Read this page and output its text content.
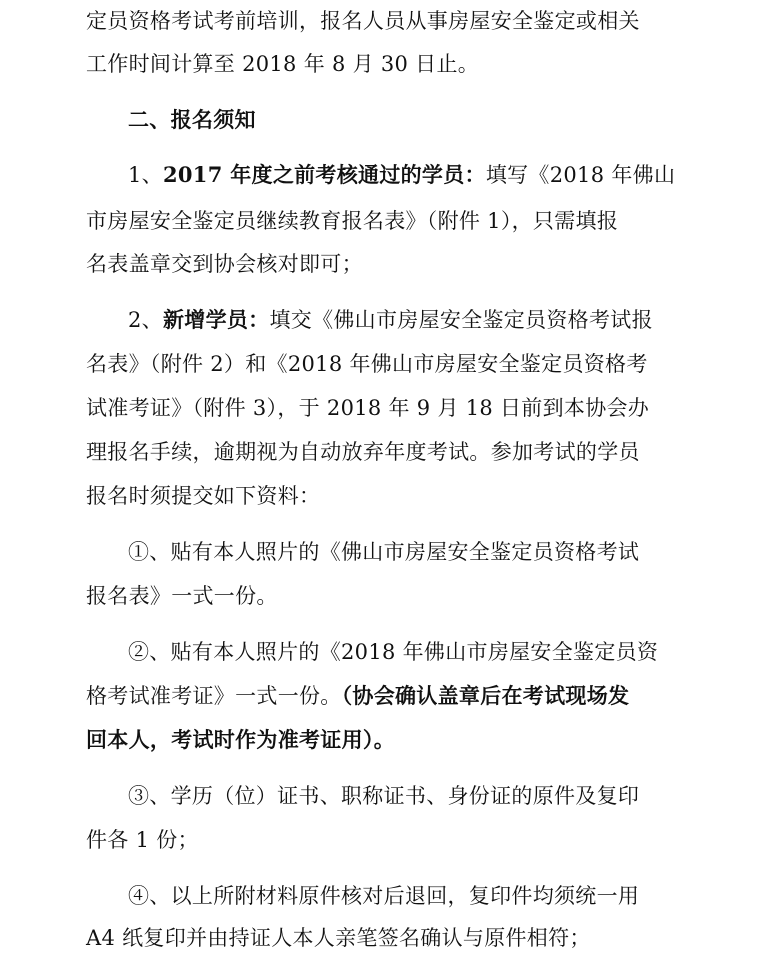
定员资格考试考前培训，报名人员从事房屋安全鉴定或相关
工作时间计算至 2018 年 8 月 30 日止。
二、报名须知
1、2017 年度之前考核通过的学员：填写《2018 年佛山
市房屋安全鉴定员继续教育报名表》（附件 1），只需填报
名表盖章交到协会核对即可；
2、新增学员：填交《佛山市房屋安全鉴定员资格考试报
名表》（附件 2）和《2018 年佛山市房屋安全鉴定员资格考
试准考证》（附件 3），于 2018 年 9 月 18 日前到本协会办
理报名手续，逾期视为自动放弃年度考试。参加考试的学员
报名时须提交如下资料：
①、贴有本人照片的《佛山市房屋安全鉴定员资格考试
报名表》一式一份。
②、贴有本人照片的《2018 年佛山市房屋安全鉴定员资
格考试准考证》一式一份。（协会确认盖章后在考试现场发
回本人，考试时作为准考证用）。
③、学历（位）证书、职称证书、身份证的原件及复印
件各 1 份；
④、以上所附材料原件核对后退回，复印件均须统一用
A4 纸复印并由持证人本人亲笔签名确认与原件相符；
